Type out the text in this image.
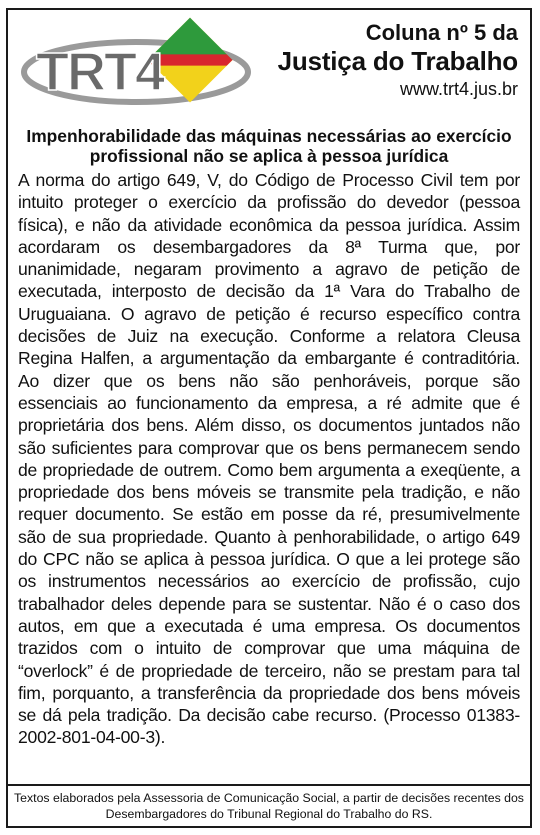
TRT4
Coluna nº 5 da
Justiça do Trabalho
www.trt4.jus.br
Impenhorabilidade das máquinas necessárias ao exercício profissional não se aplica à pessoa jurídica
A norma do artigo 649, V, do Código de Processo Civil tem por intuito proteger o exercício da profissão do devedor (pessoa física), e não da atividade econômica da pessoa jurídica. Assim acordaram os desembargadores da 8ª Turma que, por unanimidade, negaram provimento a agravo de petição de executada, interposto de decisão da 1ª Vara do Trabalho de Uruguaiana. O agravo de petição é recurso específico contra decisões de Juiz na execução. Conforme a relatora Cleusa Regina Halfen, a argumentação da embargante é contraditória. Ao dizer que os bens não são penhoráveis, porque são essenciais ao funcionamento da empresa, a ré admite que é proprietária dos bens. Além disso, os documentos juntados não são suficientes para comprovar que os bens permanecem sendo de propriedade de outrem. Como bem argumenta a exeqüente, a propriedade dos bens móveis se transmite pela tradição, e não requer documento. Se estão em posse da ré, presumivelmente são de sua propriedade. Quanto à penhorabilidade, o artigo 649 do CPC não se aplica à pessoa jurídica. O que a lei protege são os instrumentos necessários ao exercício de profissão, cujo trabalhador deles depende para se sustentar. Não é o caso dos autos, em que a executada é uma empresa. Os documentos trazidos com o intuito de comprovar que uma máquina de “overlock” é de propriedade de terceiro, não se prestam para tal fim, porquanto, a transferência da propriedade dos bens móveis se dá pela tradição. Da decisão cabe recurso. (Processo 01383-2002-801-04-00-3).
Textos elaborados pela Assessoria de Comunicação Social, a partir de decisões recentes dos Desembargadores do Tribunal Regional do Trabalho do RS.
